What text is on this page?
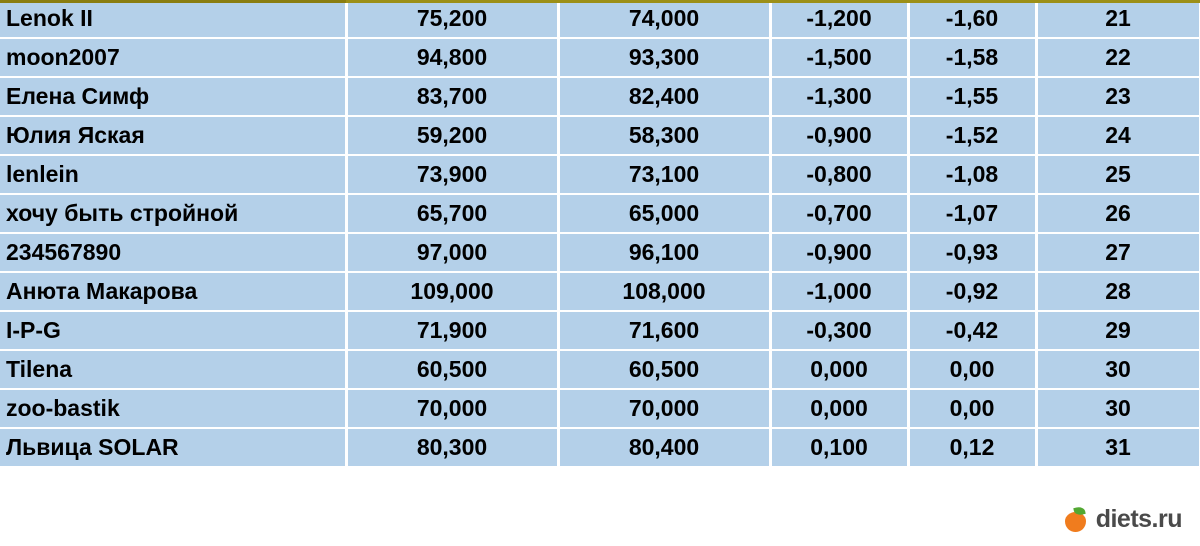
Lenok II	75,200	74,000	-1,200	-1,60	21
moon2007	94,800	93,300	-1,500	-1,58	22
Елена Симф	83,700	82,400	-1,300	-1,55	23
Юлия Яская	59,200	58,300	-0,900	-1,52	24
lenlein	73,900	73,100	-0,800	-1,08	25
хочу быть стройной	65,700	65,000	-0,700	-1,07	26
234567890	97,000	96,100	-0,900	-0,93	27
Анюта Макарова	109,000	108,000	-1,000	-0,92	28
I-P-G	71,900	71,600	-0,300	-0,42	29
Tilena	60,500	60,500	0,000	0,00	30
zoo-bastik	70,000	70,000	0,000	0,00	30
Львица SOLAR	80,300	80,400	0,100	0,12	31
diets.ru
